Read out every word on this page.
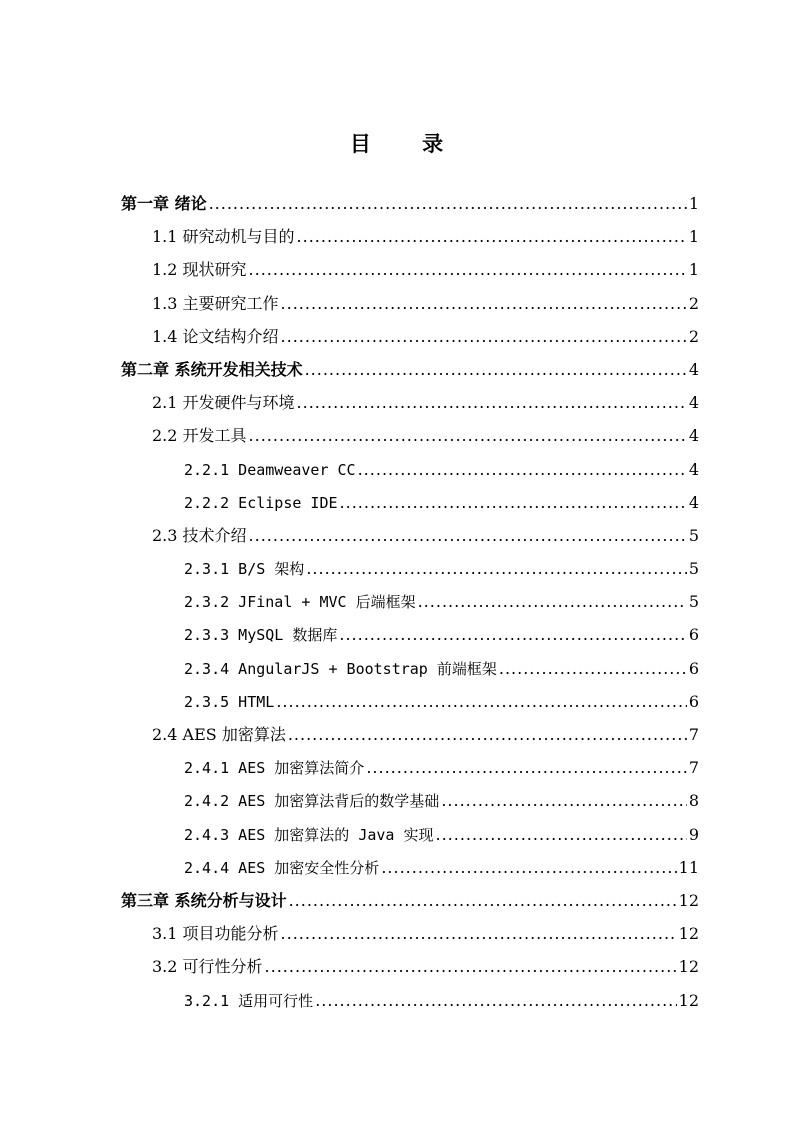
目 录
第一章 绪论 .....	1
1.1 研究动机与目的 .....	1
1.2 现状研究 .....	1
1.3 主要研究工作 .....	2
1.4 论文结构介绍 .....	2
第二章 系统开发相关技术 .....	4
2.1 开发硬件与环境 .....	4
2.2 开发工具 .....	4
2.2.1 Deamweaver CC .....	4
2.2.2 Eclipse IDE .....	4
2.3 技术介绍 .....	5
2.3.1 B/S 架构 .....	5
2.3.2 JFinal + MVC 后端框架 .....	5
2.3.3 MySQL 数据库 .....	6
2.3.4 AngularJS + Bootstrap 前端框架 .....	6
2.3.5 HTML .....	6
2.4 AES 加密算法 .....	7
2.4.1 AES 加密算法简介 .....	7
2.4.2 AES 加密算法背后的数学基础 .....	8
2.4.3 AES 加密算法的 Java 实现 .....	9
2.4.4 AES 加密安全性分析 .....	11
第三章 系统分析与设计 .....	12
3.1 项目功能分析 .....	12
3.2 可行性分析 .....	12
3.2.1 适用可行性 .....	12
